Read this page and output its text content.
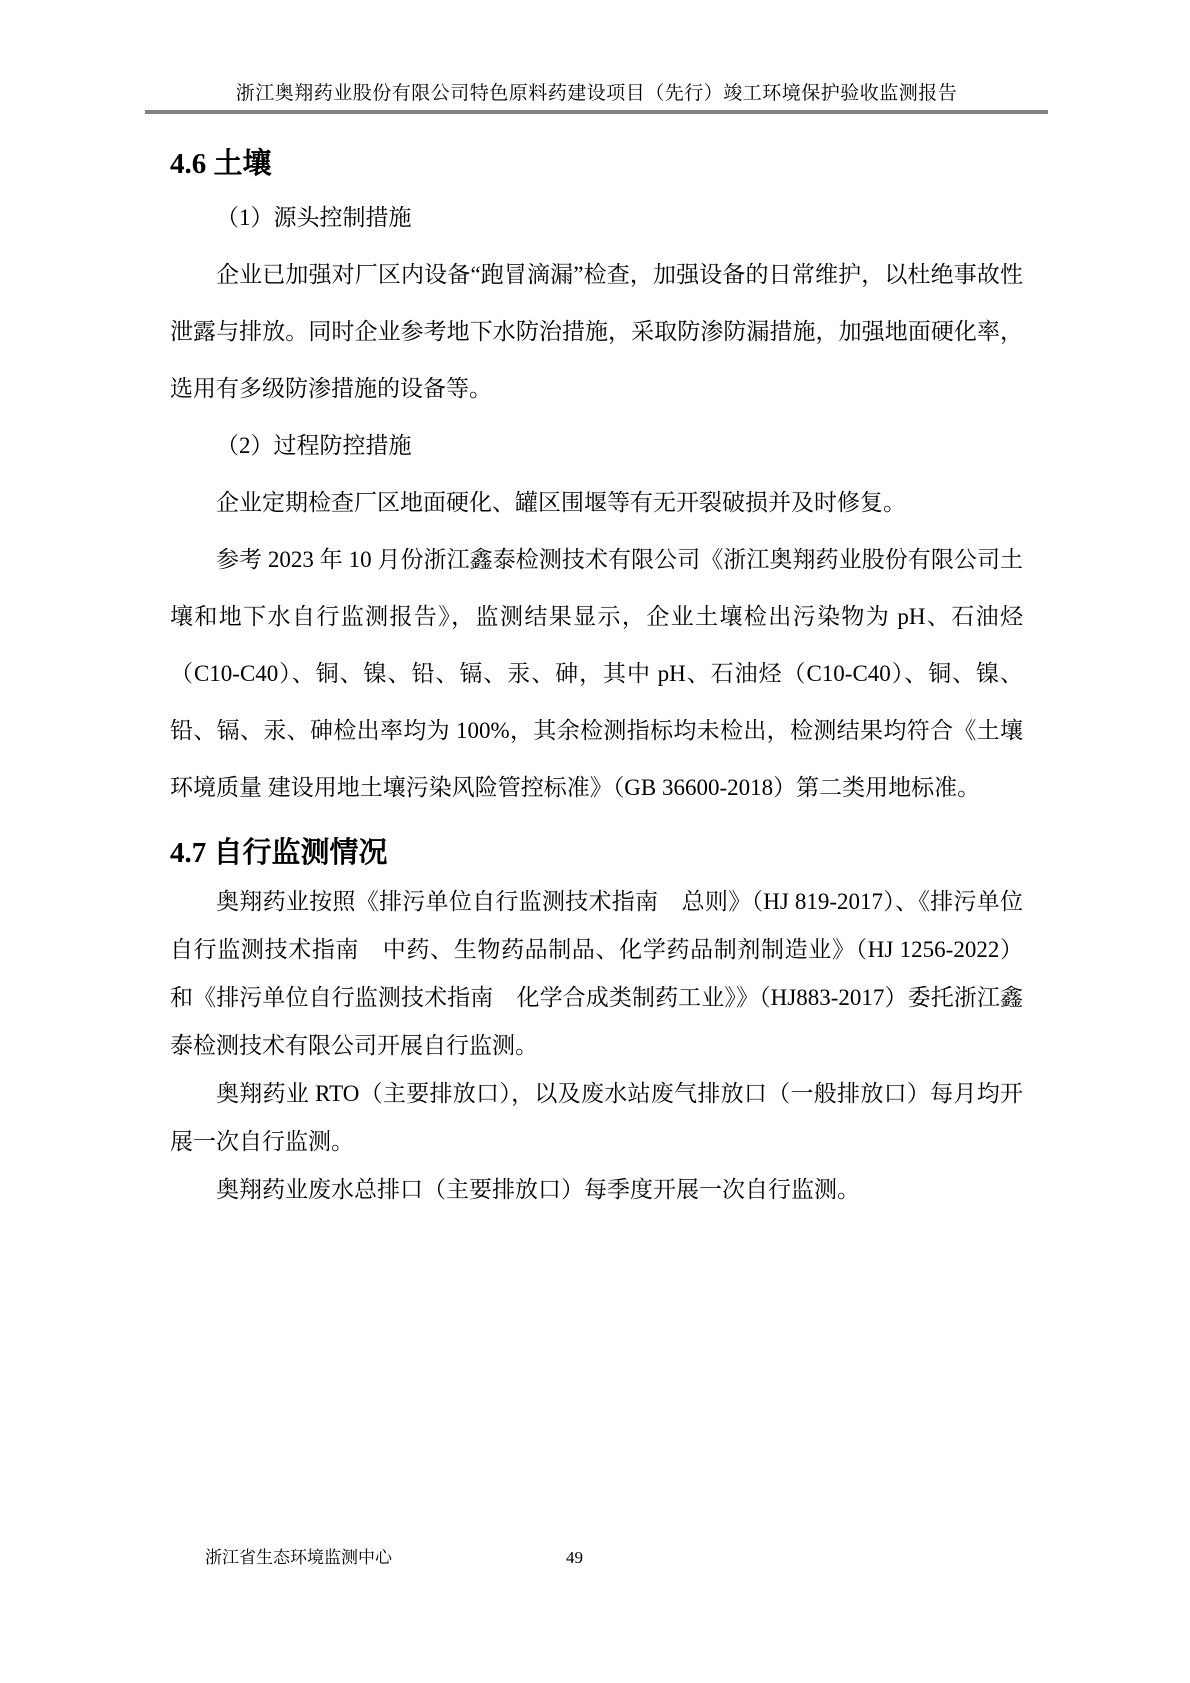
浙江奥翔药业股份有限公司特色原料药建设项目（先行）竣工环境保护验收监测报告
4.6 土壤

（1）源头控制措施

企业已加强对厂区内设备“跑冒滴漏”检查，加强设备的日常维护，以杜绝事故性泄露与排放。同时企业参考地下水防治措施，采取防渗防漏措施，加强地面硬化率，选用有多级防渗措施的设备等。

（2）过程防控措施

企业定期检查厂区地面硬化、罐区围堰等有无开裂破损并及时修复。

参考 2023 年 10 月份浙江鑫泰检测技术有限公司《浙江奥翔药业股份有限公司土壤和地下水自行监测报告》，监测结果显示，企业土壤检出污染物为 pH、石油烃（C10-C40）、铜、镍、铅、镉、汞、砷，其中 pH、石油烃（C10-C40）、铜、镍、铅、镉、汞、砷检出率均为 100%，其余检测指标均未检出，检测结果均符合《土壤环境质量 建设用地土壤污染风险管控标准》（GB 36600-2018）第二类用地标准。

4.7 自行监测情况

奥翔药业按照《排污单位自行监测技术指南　总则》（HJ 819-2017）、《排污单位自行监测技术指南　中药、生物药品制品、化学药品制剂制造业》（HJ 1256-2022）和《排污单位自行监测技术指南　化学合成类制药工业》》（HJ883-2017）委托浙江鑫泰检测技术有限公司开展自行监测。

奥翔药业 RTO（主要排放口），以及废水站废气排放口（一般排放口）每月均开展一次自行监测。

奥翔药业废水总排口（主要排放口）每季度开展一次自行监测。

浙江省生态环境监测中心	49
